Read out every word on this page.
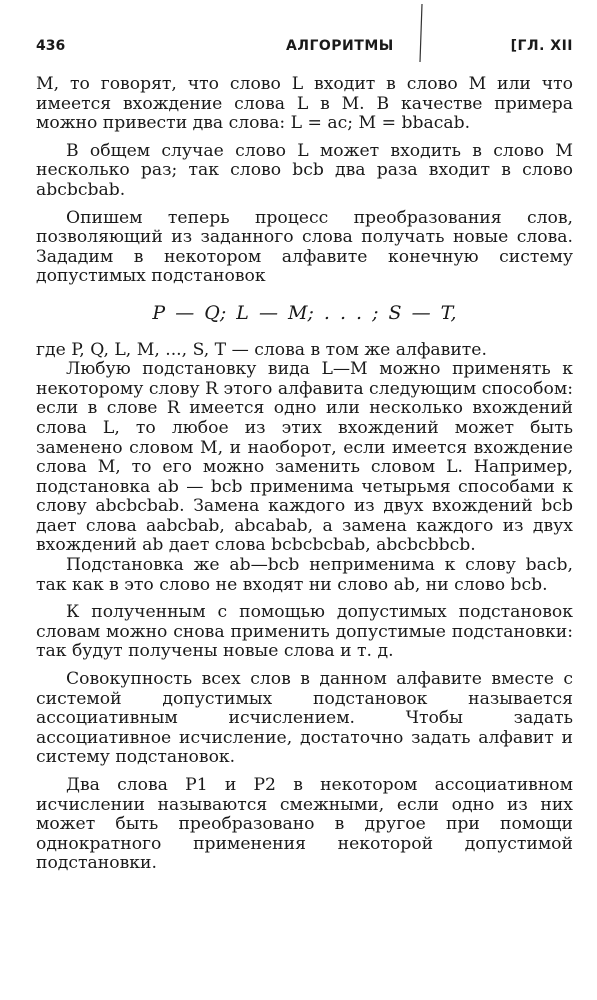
436	АЛГОРИТМЫ	[ГЛ. XII

M, то говорят, что слово L входит в слово M или что имеется вхождение слова L в M. В качестве примера можно привести два слова: L = ac; M = bbacab.

В общем случае слово L может входить в слово M несколько раз; так слово bcb два раза входит в слово abcbcbab.

Опишем теперь процесс преобразования слов, позволяющий из заданного слова получать новые слова. Зададим в некотором алфавите конечную систему допустимых подстановок

P — Q; L — M; . . . ; S — T,

где P, Q, L, M, ..., S, T — слова в том же алфавите.

Любую подстановку вида L—M можно применять к некоторому слову R этого алфавита следующим способом: если в слове R имеется одно или несколько вхождений слова L, то любое из этих вхождений может быть заменено словом M, и наоборот, если имеется вхождение слова M, то его можно заменить словом L. Например, подстановка ab — bcb применима четырьмя способами к слову abcbcbab. Замена каждого из двух вхождений bcb дает слова aabcbab, abcabab, а замена каждого из двух вхождений ab дает слова bcbcbcbab, abcbcbbcb.

Подстановка же ab—bcb неприменима к слову bacb, так как в это слово не входят ни слово ab, ни слово bcb.

К полученным с помощью допустимых подстановок словам можно снова применить допустимые подстановки: так будут получены новые слова и т. д.

Совокупность всех слов в данном алфавите вместе с системой допустимых подстановок называется ассоциативным исчислением. Чтобы задать ассоциативное исчисление, достаточно задать алфавит и систему подстановок.

Два слова P1 и P2 в некотором ассоциативном исчислении называются смежными, если одно из них может быть преобразовано в другое при помощи однократного применения некоторой допустимой подстановки.
